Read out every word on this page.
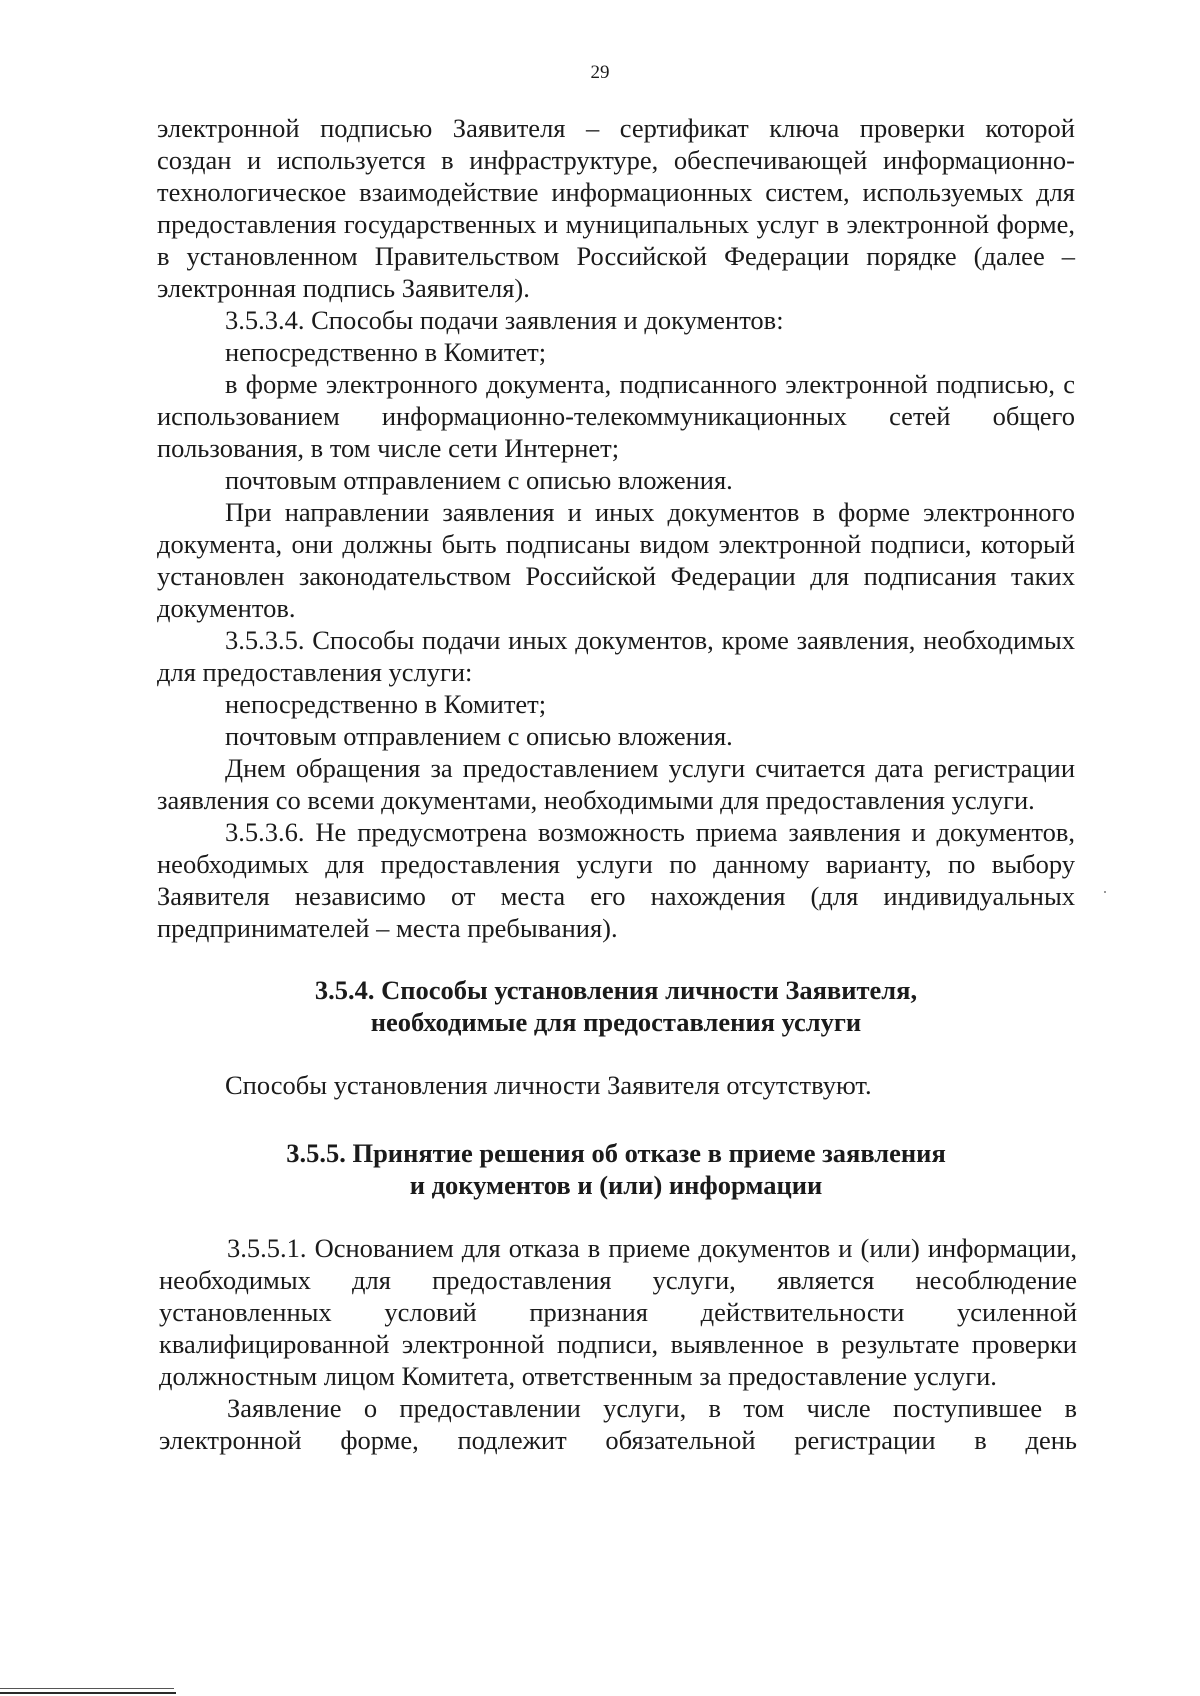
29

электронной подписью Заявителя – сертификат ключа проверки которой

создан и используется в инфраструктуре, обеспечивающей информационно-технологическое взаимодействие информационных систем, используемых для предоставления государственных и муниципальных услуг в электронной форме, в установленном Правительством Российской Федерации порядке (далее – электронная подпись Заявителя).

3.5.3.4. Способы подачи заявления и документов:

непосредственно в Комитет;

в форме электронного документа, подписанного электронной подписью, с использованием информационно-телекоммуникационных сетей общего пользования, в том числе сети Интернет;

почтовым отправлением с описью вложения.

При направлении заявления и иных документов в форме электронного документа, они должны быть подписаны видом электронной подписи, который установлен законодательством Российской Федерации для подписания таких документов.

3.5.3.5. Способы подачи иных документов, кроме заявления, необходимых для предоставления услуги:

непосредственно в Комитет;

почтовым отправлением с описью вложения.

Днем обращения за предоставлением услуги считается дата регистрации заявления со всеми документами, необходимыми для предоставления услуги.

3.5.3.6. Не предусмотрена возможность приема заявления и документов, необходимых для предоставления услуги по данному варианту, по выбору Заявителя независимо от места его нахождения (для индивидуальных предпринимателей – места пребывания).

3.5.4. Способы установления личности Заявителя,

необходимые для предоставления услуги

Способы установления личности Заявителя отсутствуют.

3.5.5. Принятие решения об отказе в приеме заявления

и документов и (или) информации

3.5.5.1. Основанием для отказа в приеме документов и (или) информации, необходимых для предоставления услуги, является несоблюдение установленных условий признания действительности усиленной квалифицированной электронной подписи, выявленное в результате проверки должностным лицом Комитета, ответственным за предоставление услуги.

Заявление о предоставлении услуги, в том числе поступившее в электронной форме, подлежит обязательной регистрации в день
